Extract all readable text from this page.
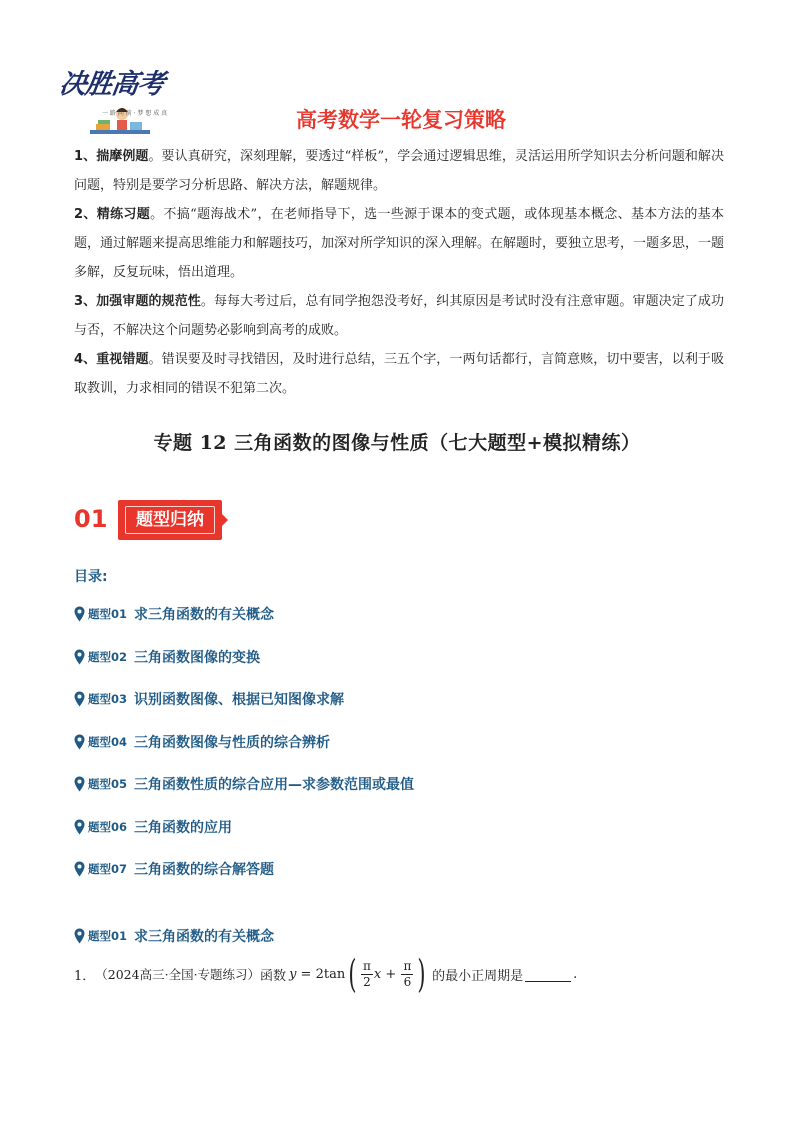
决胜高考
一 路 向 前 · 梦 想 成 真	高考数学一轮复习策略

1、揣摩例题。要认真研究，深刻理解，要透过“样板”，学会通过逻辑思维，灵活运用所学知识去分析问题和解决问题，特别是要学习分析思路、解决方法，解题规律。

2、精练习题。不搞“题海战术”，在老师指导下，选一些源于课本的变式题，或体现基本概念、基本方法的基本题，通过解题来提高思维能力和解题技巧，加深对所学知识的深入理解。在解题时，要独立思考，一题多思，一题多解，反复玩味，悟出道理。

3、加强审题的规范性。每每大考过后，总有同学抱怨没考好，纠其原因是考试时没有注意审题。审题决定了成功与否，不解决这个问题势必影响到高考的成败。

4、重视错题。错误要及时寻找错因，及时进行总结，三五个字，一两句话都行，言简意赅，切中要害，以利于吸取教训，力求相同的错误不犯第二次。

专题 12 三角函数的图像与性质（七大题型+模拟精练）
01	题型归纳
目录:
题型01 求三角函数的有关概念
题型02 三角函数图像的变换
题型03 识别函数图像、根据已知图像求解
题型04 三角函数图像与性质的综合辨析
题型05 三角函数性质的综合应用—求参数范围或最值
题型06 三角函数的应用
题型07 三角函数的综合解答题
题型01 求三角函数的有关概念
1． （2024高三·全国·专题练习） 函数 y = 2tan ( $\frac{\pi}{2}$ $x + \frac{\pi}{6}$ ) 的最小正周期是	.
